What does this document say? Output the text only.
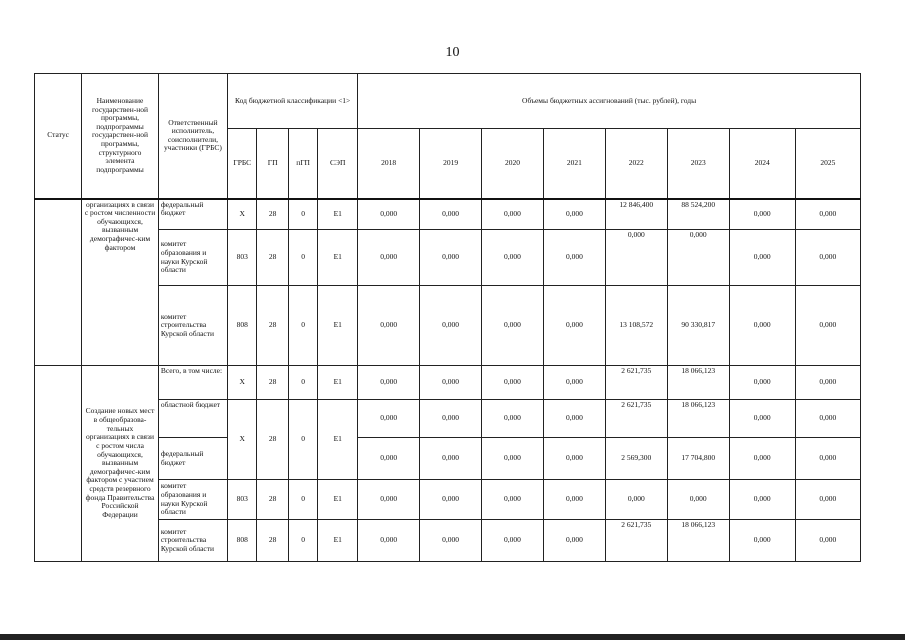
10
Статус	Наименование государствен-ной программы, подпрограммы государствен-ной программы, структурного элемента подпрограммы	Ответственный исполнитель, соисполнители, участники (ГРБС)	Код бюджетной классификации <1>				Объемы бюджетных ассигнований (тыс. рублей), годы							
			ГРБС	ГП	пГП	СЭП	2018	2019	2020	2021	2022	2023	2024	2025
	организациях в связи с ростом численности обучающихся, вызванным демографичес-ким фактором	федеральный бюджет	Х	28	0	Е1	0,000	0,000	0,000	0,000	12 846,400	88 524,200	0,000	0,000
		комитет образования и науки Курской области	803	28	0	Е1	0,000	0,000	0,000	0,000	0,000	0,000	0,000	0,000
		комитет строительства Курской области	808	28	0	Е1	0,000	0,000	0,000	0,000	13 108,572	90 330,817	0,000	0,000
	Создание новых мест в общеобразова-тельных организациях в связи с ростом числа обучающихся, вызванным демографичес-ким фактором с участием средств резервного фонда Правительства Российской Федерации	Всего, в том числе:	Х	28	0	Е1	0,000	0,000	0,000	0,000	2 621,735	18 066,123	0,000	0,000
		областной бюджет	Х	28	0	Е1	0,000	0,000	0,000	0,000	2 621,735	18 066,123	0,000	0,000
		федеральный бюджет					0,000	0,000	0,000	0,000	2 569,300	17 704,800	0,000	0,000
		комитет образования и науки Курской области	803	28	0	Е1	0,000	0,000	0,000	0,000	0,000	0,000	0,000	0,000
		комитет строительства Курской области	808	28	0	Е1	0,000	0,000	0,000	0,000	2 621,735	18 066,123	0,000	0,000
